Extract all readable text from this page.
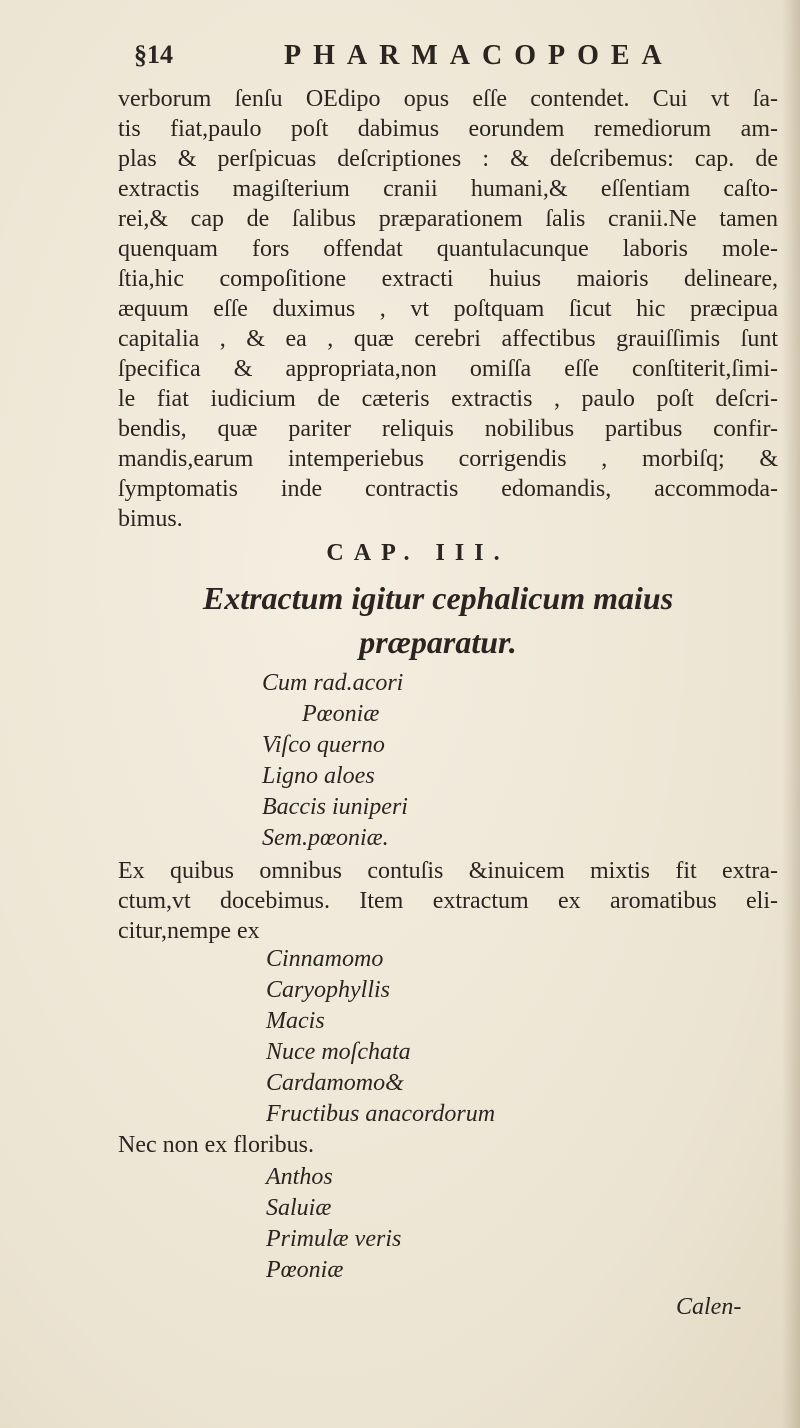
§14	PHARMACOPOEA
verborum ſenſu OEdipo opus eſſe contendet. Cui vt ſa-
tis fiat,paulo poſt dabimus eorundem remediorum am-
plas & perſpicuas deſcriptiones : & deſcribemus: cap. de
extractis magiſterium cranii humani,& eſſentiam caſto-
rei,& cap de ſalibus præparationem ſalis cranii.Ne tamen
quenquam fors offendat quantulacunque laboris mole-
ſtia,hic compoſitione extracti huius maioris delineare,
æquum eſſe duximus , vt poſtquam ſicut hic præcipua
capitalia , & ea , quæ cerebri affectibus grauiſſimis ſunt
ſpecifica & appropriata,non omiſſa eſſe conſtiterit,ſimi-
le fiat iudicium de cæteris extractis , paulo poſt deſcri-
bendis, quæ pariter reliquis nobilibus partibus confir-
mandis,earum intemperiebus corrigendis , morbiſq; &
ſymptomatis inde contractis edomandis, accommoda-
bimus.
CAP. III.
Extractum igitur cephalicum maius
præparatur.
Cum rad.acori
Pœoniæ
Viſco querno
Ligno aloes
Baccis iuniperi
Sem.pœoniæ.
Ex quibus omnibus contuſis &inuicem mixtis fit extra-
ctum,vt docebimus. Item extractum ex aromatibus eli-
citur,nempe ex
Cinnamomo
Caryophyllis
Macis
Nuce moſchata
Cardamomo&
Fructibus anacordorum
Nec non ex floribus.
Anthos
Saluiæ
Primulæ veris
Pœoniæ
Calen-
